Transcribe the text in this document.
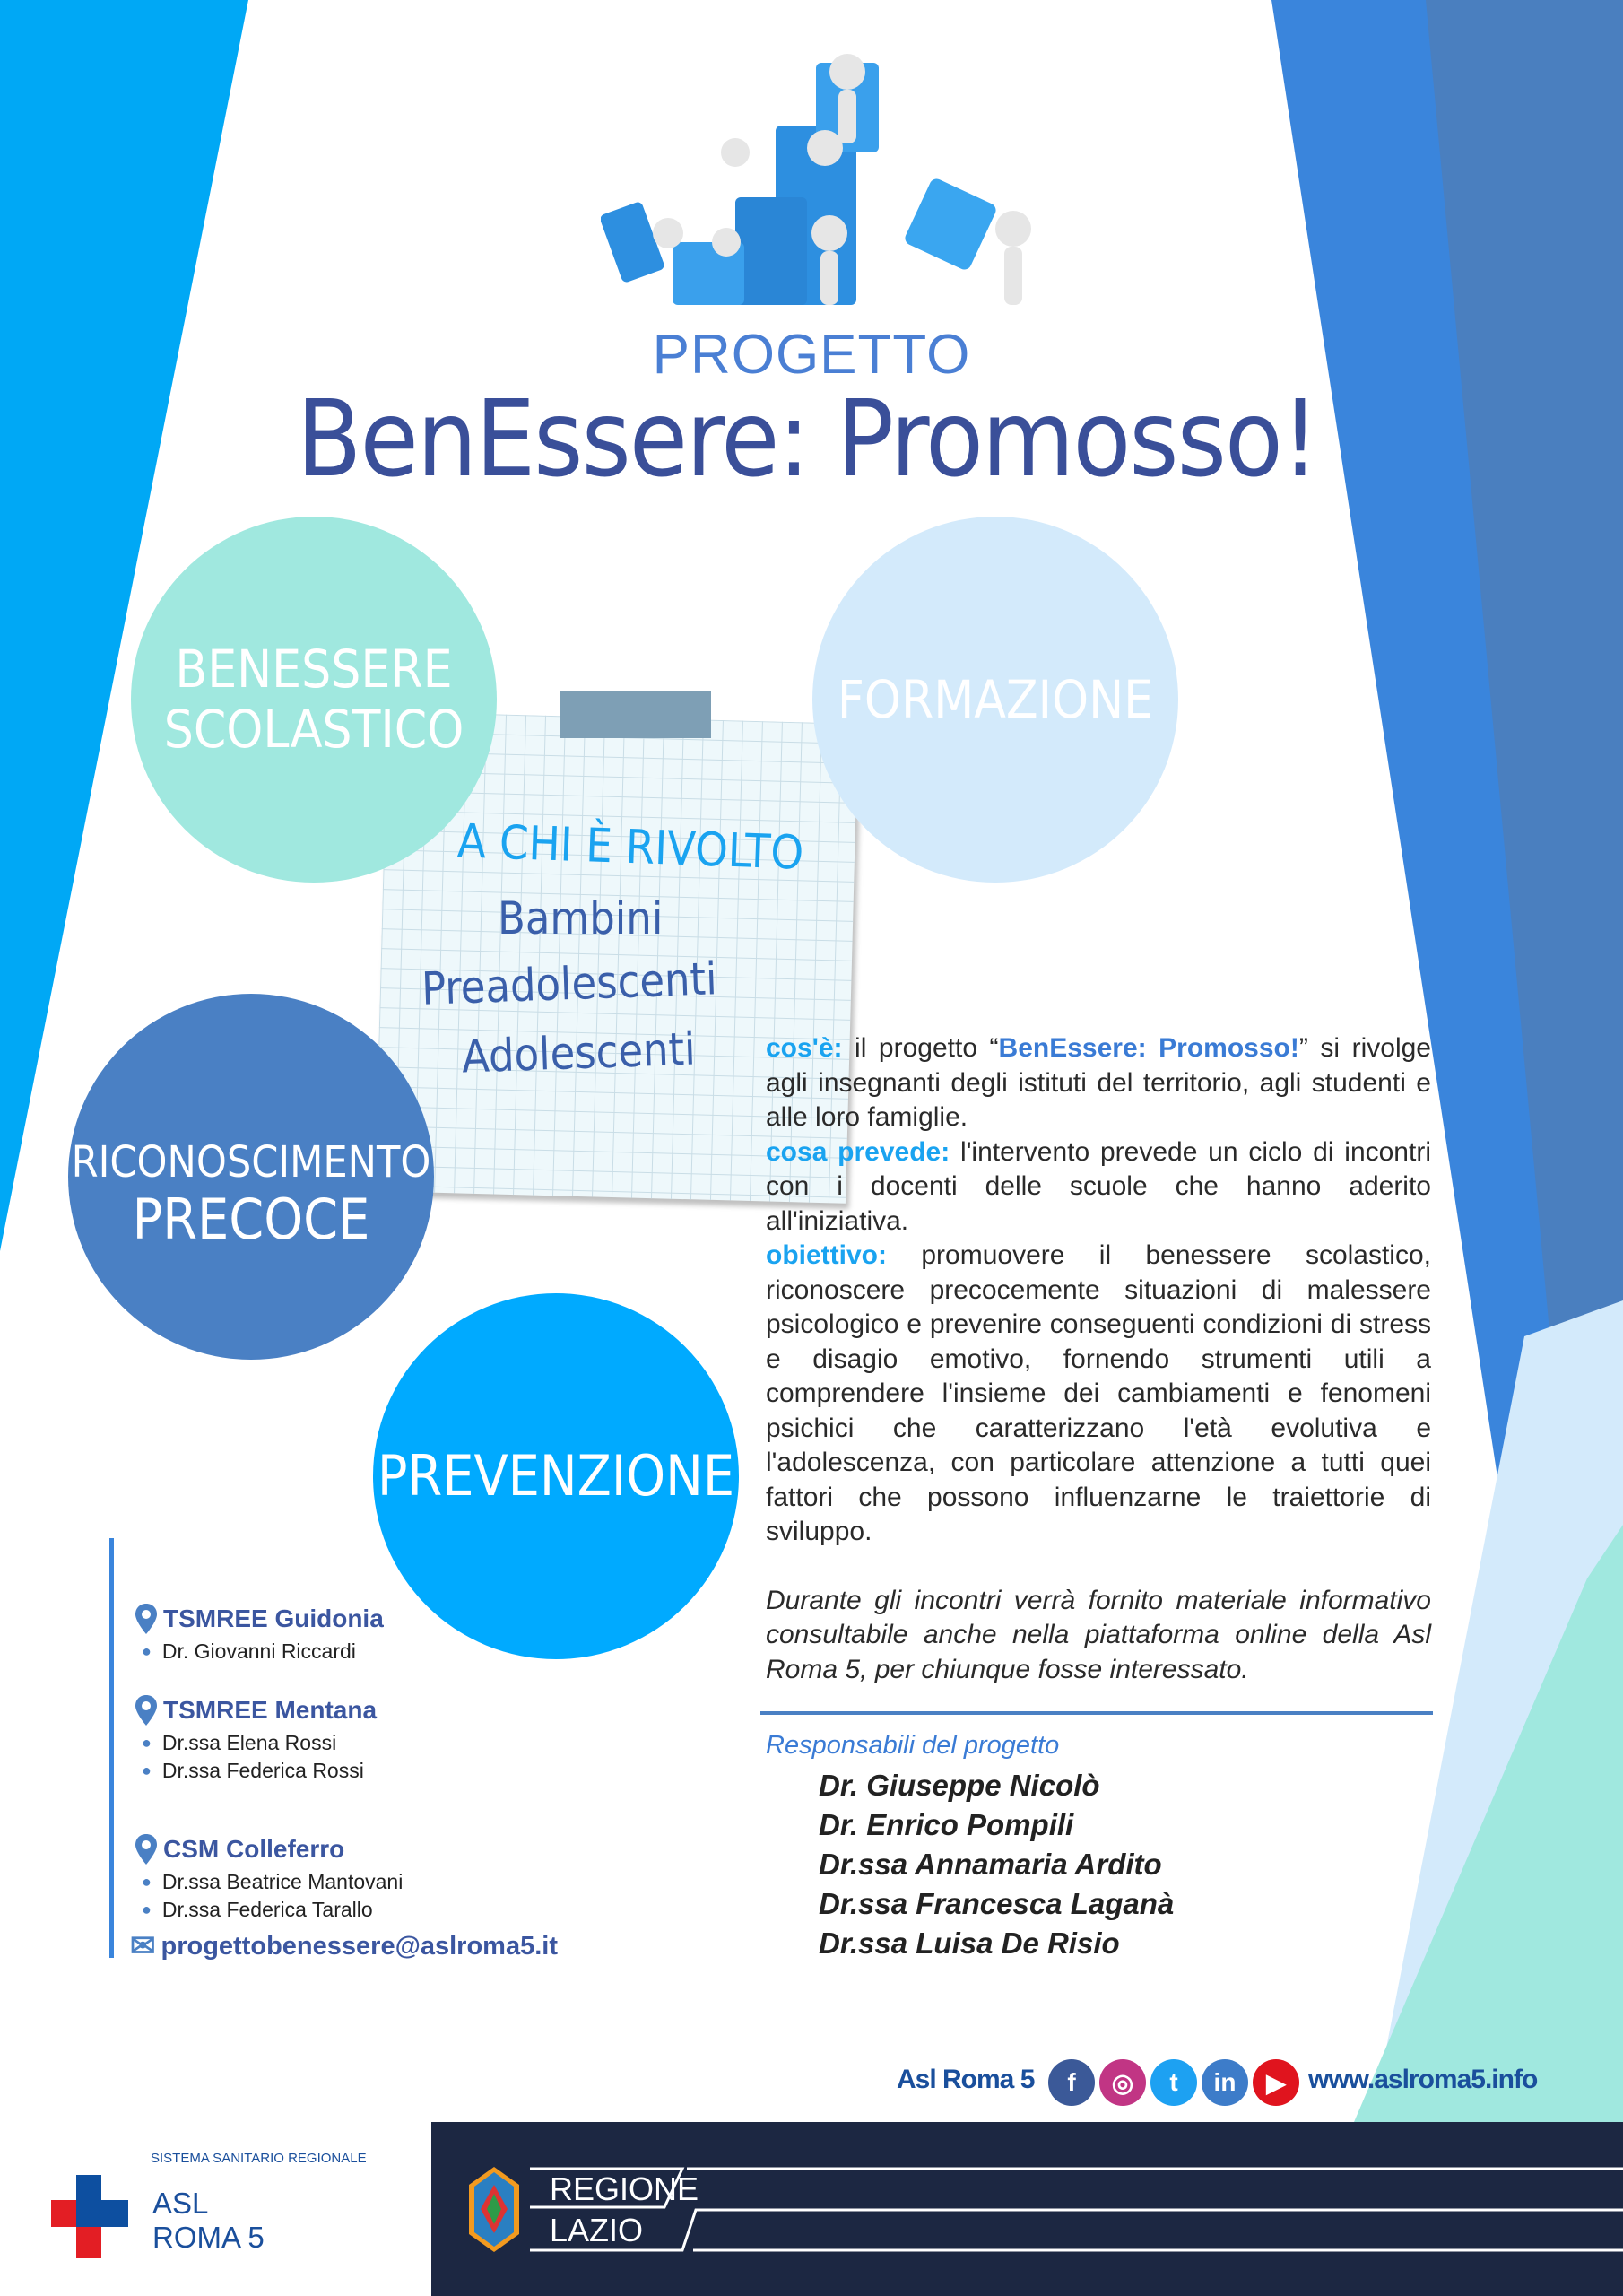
PROGETTO
BenEssere: Promosso!
BENESSERE
SCOLASTICO	FORMAZIONE
A CHI È RIVOLTO
Bambini
Preadolescenti
Adolescenti
RICONOSCIMENTO
PRECOCE
PREVENZIONE

cos'è: il progetto “BenEssere: Promosso!” si rivolge agli insegnanti degli istituti del territorio, agli studenti e alle loro famiglie.

cosa prevede: l'intervento prevede un ciclo di incontri con i docenti delle scuole che hanno aderito all'iniziativa.

obiettivo: promuovere il benessere scolastico, riconoscere precocemente situazioni di malessere psicologico e prevenire conseguenti condizioni di stress e disagio emotivo, fornendo strumenti utili a comprendere l'insieme dei cambiamenti e fenomeni psichici che caratterizzano l'età evolutiva e l'adolescenza, con particolare attenzione a tutti quei fattori che possono influenzarne le traiettorie di sviluppo.

Durante gli incontri verrà fornito materiale informativo consultabile anche nella piattaforma online della Asl Roma 5, per chiunque fosse interessato.

Responsabili del progetto
Dr. Giuseppe Nicolò
Dr. Enrico Pompili
Dr.ssa Annamaria Ardito
Dr.ssa Francesca Laganà
Dr.ssa Luisa De Risio
TSMREE Guidonia
● Dr. Giovanni Riccardi
TSMREE Mentana
● Dr.ssa Elena Rossi
● Dr.ssa Federica Rossi
CSM Colleferro
● Dr.ssa Beatrice Mantovani
● Dr.ssa Federica Tarallo
✉ progettobenessere@aslroma5.it
Asl Roma 5	f	◎	t	in	▶ www.aslroma5.info
SISTEMA SANITARIO REGIONALE
ASL
ROMA 5
REGIONE
LAZIO
